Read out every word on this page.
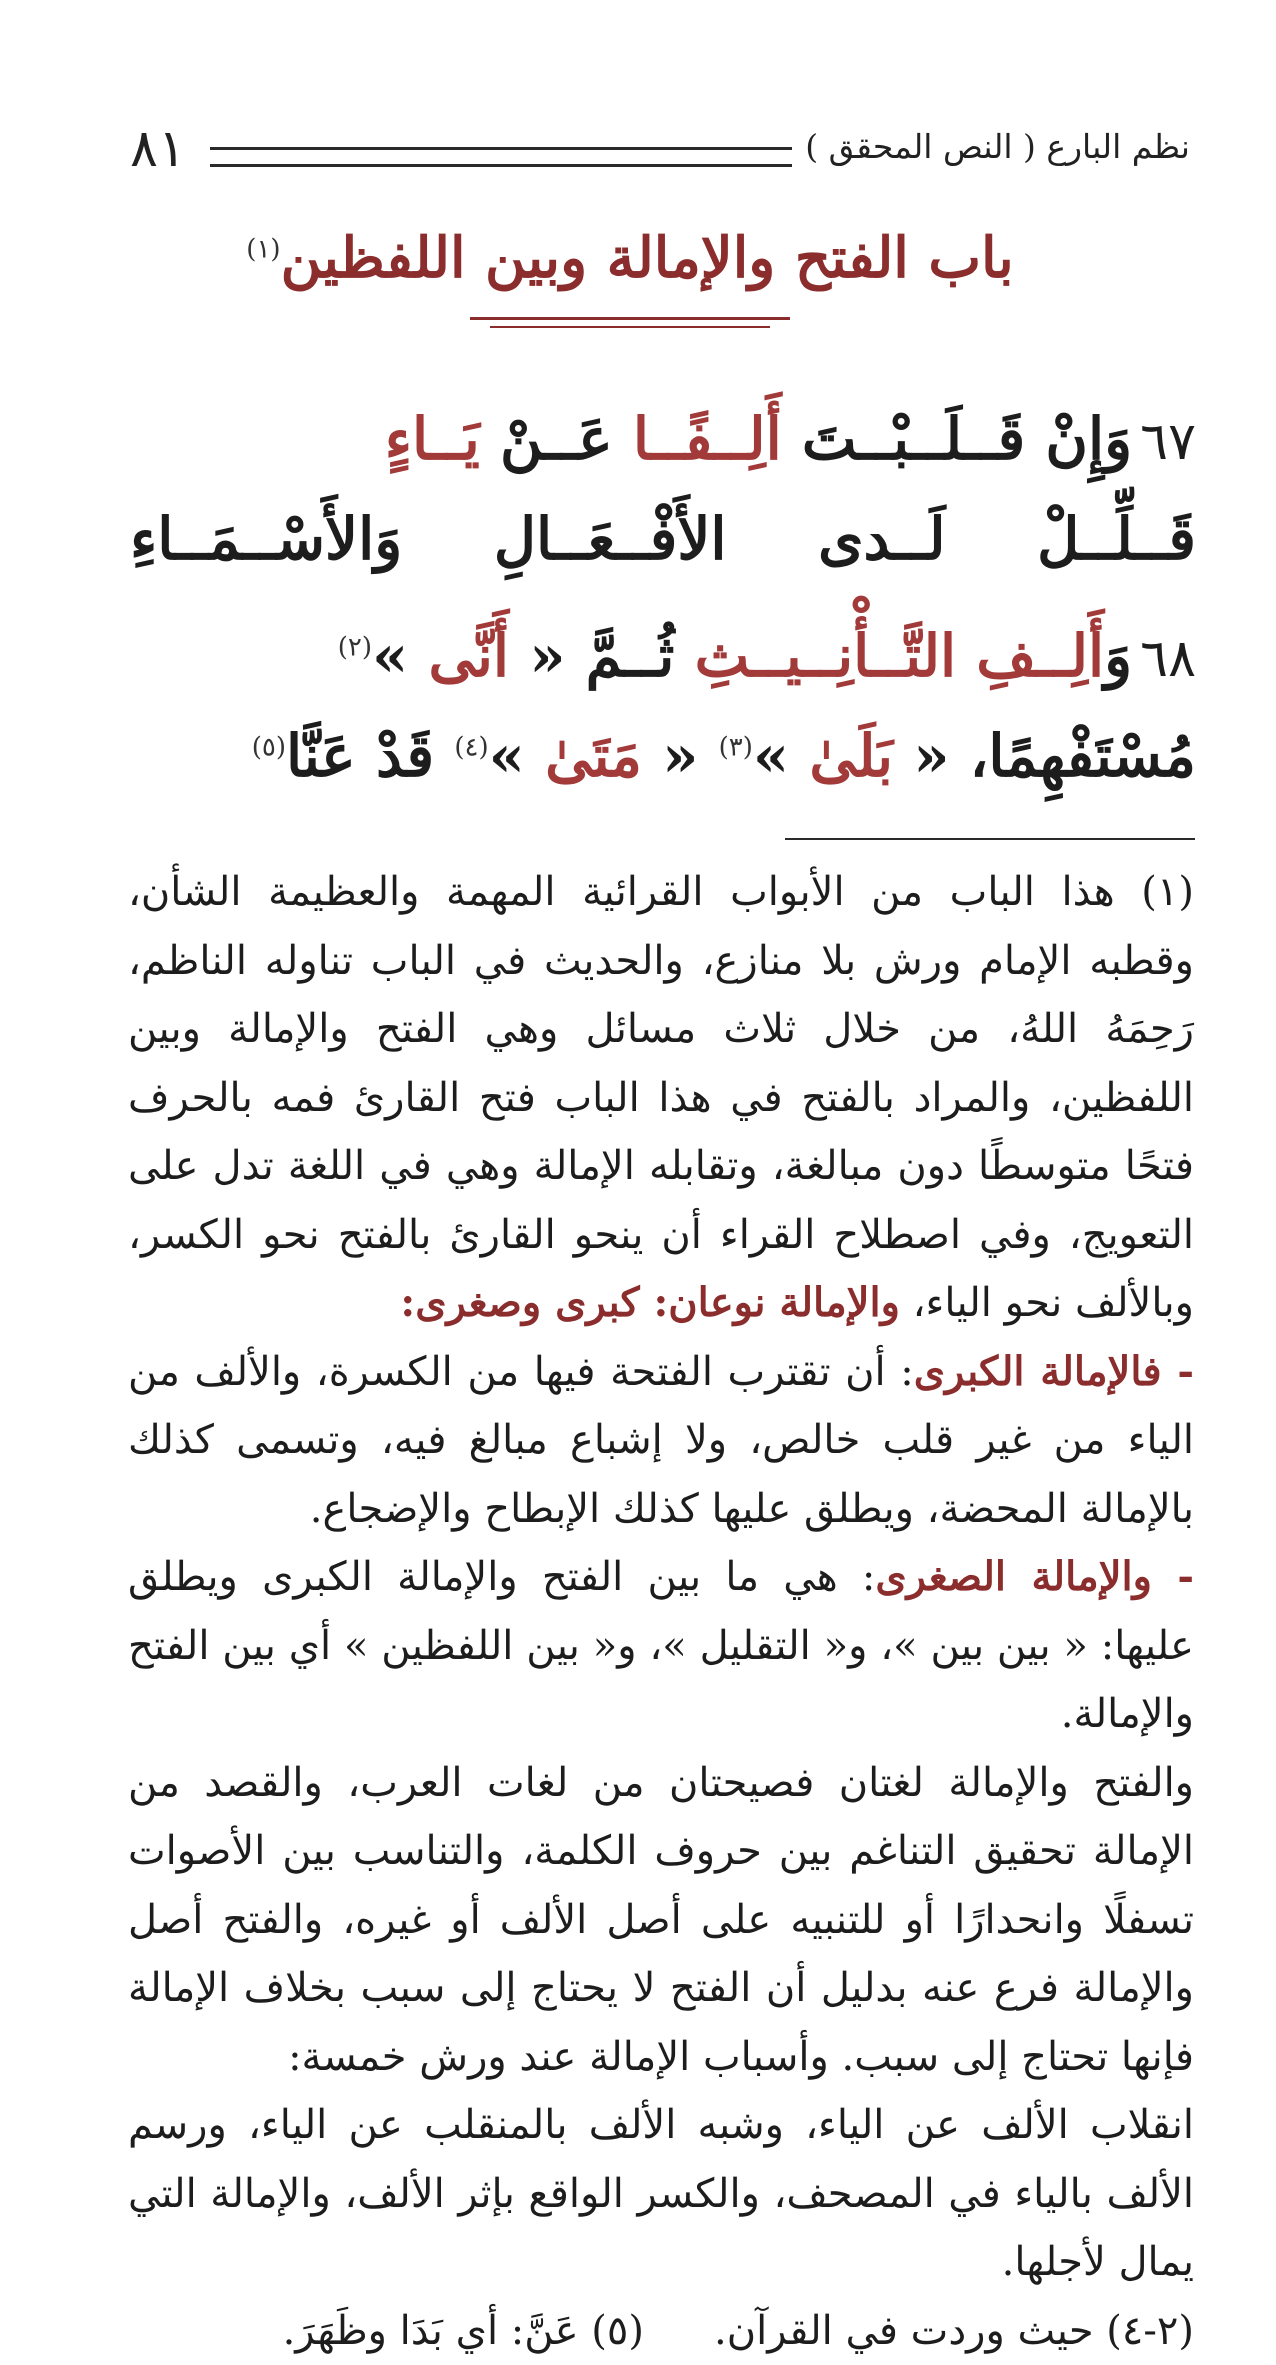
نظم البارع ( النص المحقق )
٨١
باب الفتح والإمالة وبين اللفظين$^{(١)}$
٦٧وَإِنْ قَــلَــبْــتَ أَلِــفًــا عَــنْ يَــاءٍ
قَــلِّــلْ لَــدى الأَفْــعَــالِ وَالأَسْــمَــاءِ
٦٨وَأَلِــفِ التَّــأْنِــيــثِ ثُــمَّ « أَنَّى »$^{(٢)}$
مُسْتَفْهِمًا، « بَلَىٰ »$^{(٣)}$ « مَتَىٰ »$^{(٤)}$ قَدْ عَنَّا$^{(٥)}$

(١) هذا الباب من الأبواب القرائية المهمة والعظيمة الشأن، وقطبه الإمام ورش بلا منازع، والحديث في الباب تناوله الناظم، رَحِمَهُ اللهُ، من خلال ثلاث مسائل وهي الفتح والإمالة وبين اللفظين، والمراد بالفتح في هذا الباب فتح القارئ فمه بالحرف فتحًا متوسطًا دون مبالغة، وتقابله الإمالة وهي في اللغة تدل على التعويج، وفي اصطلاح القراء أن ينحو القارئ بالفتح نحو الكسر، وبالألف نحو الياء، والإمالة نوعان: كبرى وصغرى:

- فالإمالة الكبرى: أن تقترب الفتحة فيها من الكسرة، والألف من الياء من غير قلب خالص، ولا إشباع مبالغ فيه، وتسمى كذلك بالإمالة المحضة، ويطلق عليها كذلك الإبطاح والإضجاع.

- والإمالة الصغرى: هي ما بين الفتح والإمالة الكبرى ويطلق عليها: « بين بين »، و« التقليل »، و« بين اللفظين » أي بين الفتح والإمالة.

والفتح والإمالة لغتان فصيحتان من لغات العرب، والقصد من الإمالة تحقيق التناغم بين حروف الكلمة، والتناسب بين الأصوات تسفلًا وانحدارًا أو للتنبيه على أصل الألف أو غيره، والفتح أصل والإمالة فرع عنه بدليل أن الفتح لا يحتاج إلى سبب بخلاف الإمالة فإنها تحتاج إلى سبب. وأسباب الإمالة عند ورش خمسة:

انقلاب الألف عن الياء، وشبه الألف بالمنقلب عن الياء، ورسم الألف بالياء في المصحف، والكسر الواقع بإثر الألف، والإمالة التي يمال لأجلها.

(٢-٤) حيث وردت في القرآن.
(٥) عَنَّ: أي بَدَا وظَهَرَ.
